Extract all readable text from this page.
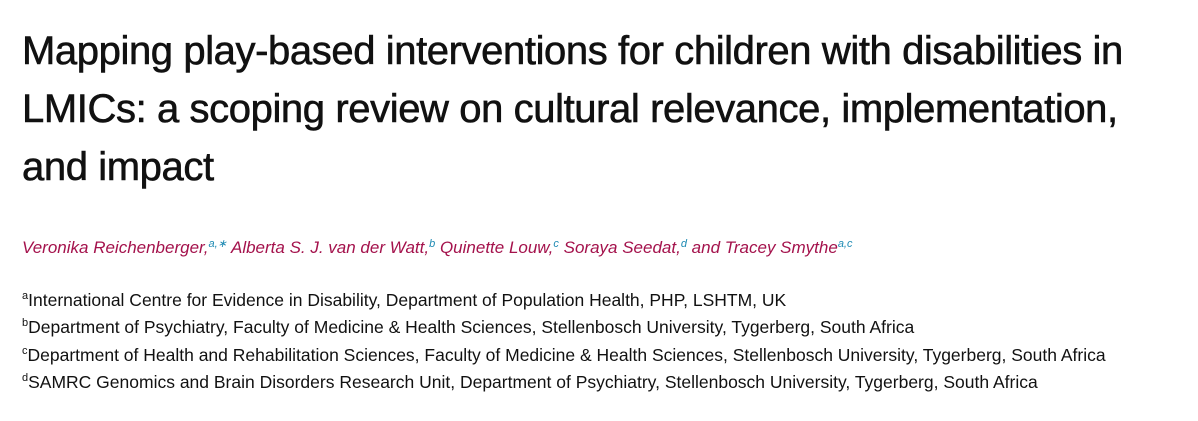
Mapping play-based interventions for children with disabilities in LMICs: a scoping review on cultural relevance, implementation, and impact
Veronika Reichenberger,$^{a,∗}$ Alberta S. J. van der Watt,$^b$ Quinette Louw,$^c$ Soraya Seedat,$^d$ and Tracey Smythe$^{a,c}$

$^a$International Centre for Evidence in Disability, Department of Population Health, PHP, LSHTM, UK

$^b$Department of Psychiatry, Faculty of Medicine & Health Sciences, Stellenbosch University, Tygerberg, South Africa

$^c$Department of Health and Rehabilitation Sciences, Faculty of Medicine & Health Sciences, Stellenbosch University, Tygerberg, South Africa

$^d$SAMRC Genomics and Brain Disorders Research Unit, Department of Psychiatry, Stellenbosch University, Tygerberg, South Africa
